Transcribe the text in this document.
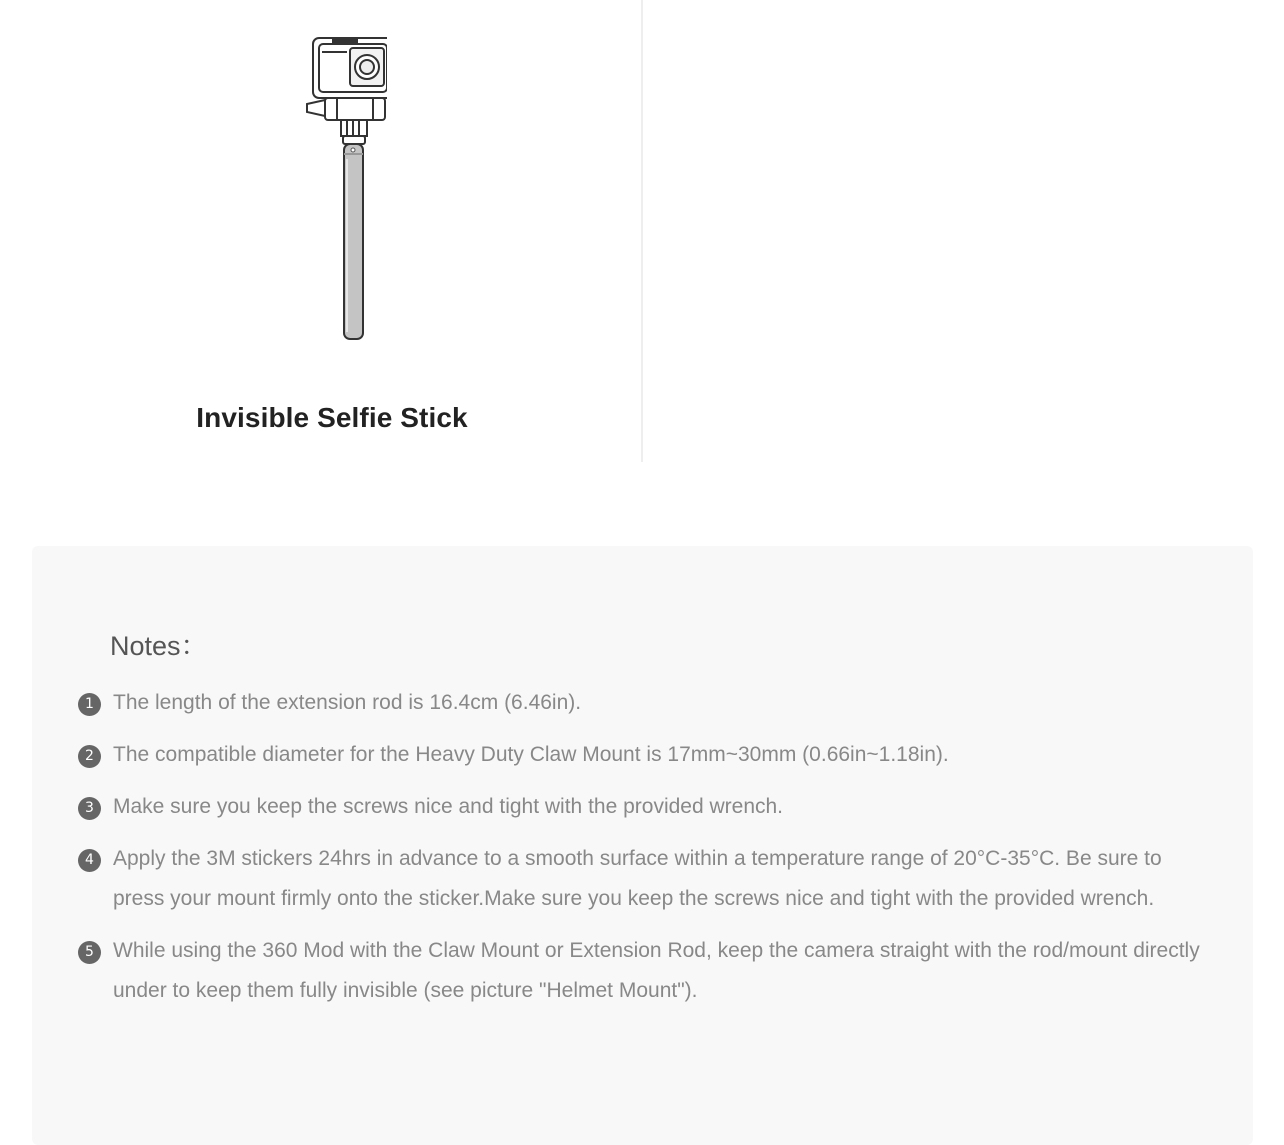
Invisible Selfie Stick
Notes：
1 The length of the extension rod is 16.4cm (6.46in).
2 The compatible diameter for the Heavy Duty Claw Mount is 17mm~30mm (0.66in~1.18in).
3 Make sure you keep the screws nice and tight with the provided wrench.
4 Apply the 3M stickers 24hrs in advance to a smooth surface within a temperature range of 20°C-35°C. Be sure to press your mount firmly onto the sticker.Make sure you keep the screws nice and tight with the provided wrench.
5 While using the 360 Mod with the Claw Mount or Extension Rod, keep the camera straight with the rod/mount directly under to keep them fully invisible (see picture "Helmet Mount").
